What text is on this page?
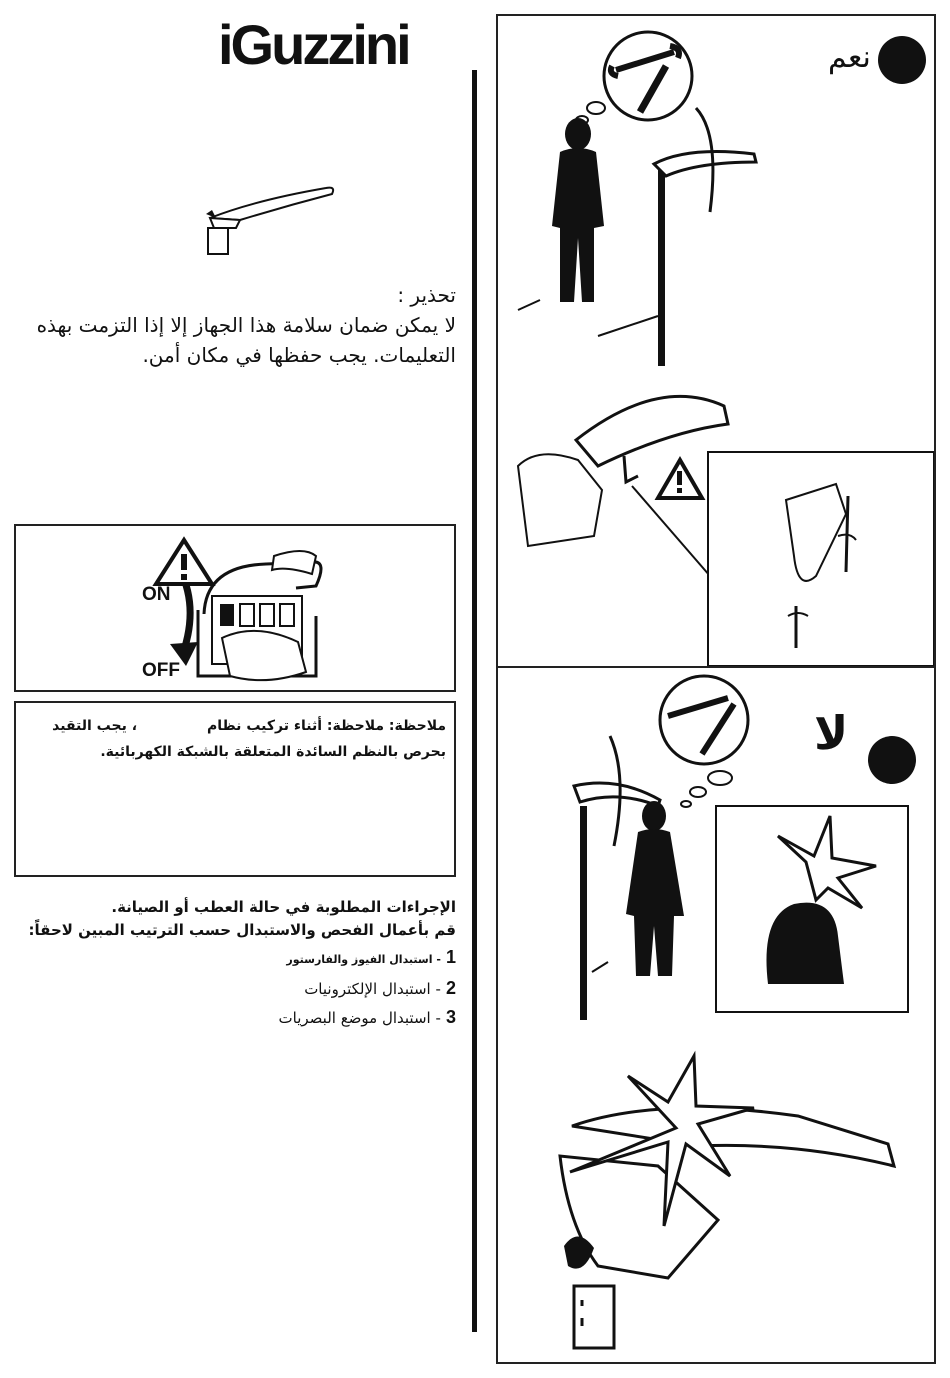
iGuzzini
تحذير :
لا يمكن ضمان سلامة هذا الجهاز إلا إذا التزمت بهذه التعليمات. يجب حفظها في مكان أمن.
ON
OFF
ملاحظة: ملاحظة: أثناء تركيب نظام، يجب التقيد
بحرص بالنظم السائدة المتعلقة بالشبكة الكهربائية.
الإجراءات المطلوبة في حالة العطب أو الصيانة.
قم بأعمال الفحص والاستبدال حسب الترتيب المبين لاحقاً:
1 - استبدال الفيوز والفارستور
2 - استبدال الإلكترونيات
3 - استبدال موضع البصريات
نعم
لا
